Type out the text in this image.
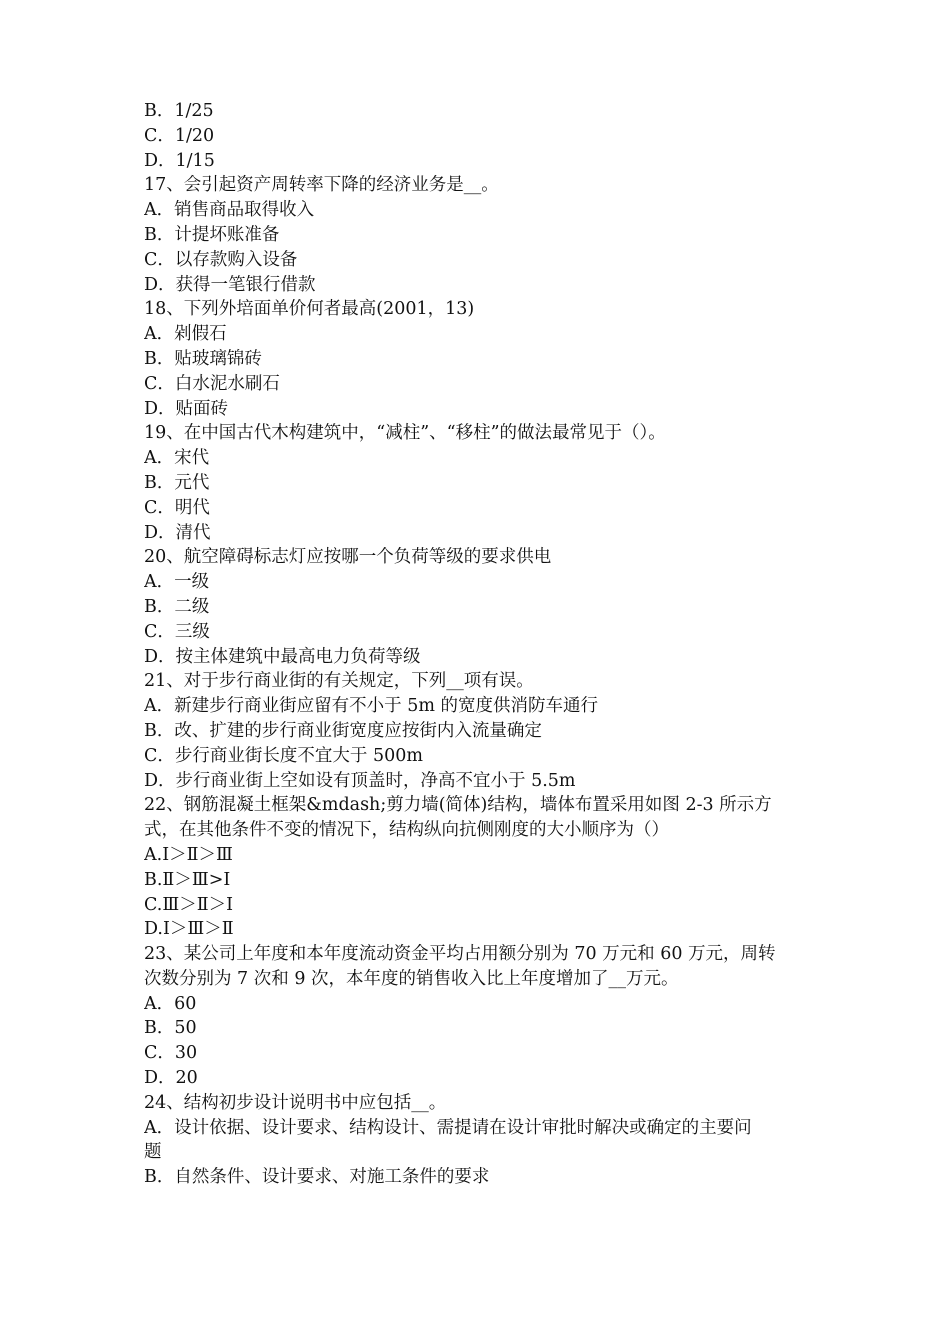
B．1/25
C．1/20
D．1/15
17、会引起资产周转率下降的经济业务是__。
A．销售商品取得收入
B．计提坏账准备
C．以存款购入设备
D．获得一笔银行借款
18、下列外培面单价何者最高(2001，13)
A．剁假石
B．贴玻璃锦砖
C．白水泥水刷石
D．贴面砖
19、在中国古代木构建筑中，“减柱”、“移柱”的做法最常见于（）。
A．宋代
B．元代
C．明代
D．清代
20、航空障碍标志灯应按哪一个负荷等级的要求供电
A．一级
B．二级
C．三级
D．按主体建筑中最高电力负荷等级
21、对于步行商业街的有关规定，下列__项有误。
A．新建步行商业街应留有不小于 5m 的宽度供消防车通行
B．改、扩建的步行商业街宽度应按街内入流量确定
C．步行商业街长度不宜大于 500m
D．步行商业街上空如设有顶盖时，净高不宜小于 5.5m
22、钢筋混凝土框架&mdash;剪力墙(简体)结构，墙体布置采用如图 2-3 所示方
式，在其他条件不变的情况下，结构纵向抗侧刚度的大小顺序为（）
A.Ⅰ＞Ⅱ＞Ⅲ
B.Ⅱ＞Ⅲ>Ⅰ
C.Ⅲ＞Ⅱ＞Ⅰ
D.Ⅰ＞Ⅲ＞Ⅱ
23、某公司上年度和本年度流动资金平均占用额分别为 70 万元和 60 万元，周转
次数分别为 7 次和 9 次，本年度的销售收入比上年度增加了__万元。
A．60
B．50
C．30
D．20
24、结构初步设计说明书中应包括__。
A．设计依据、设计要求、结构设计、需提请在设计审批时解决或确定的主要问
题
B．自然条件、设计要求、对施工条件的要求
